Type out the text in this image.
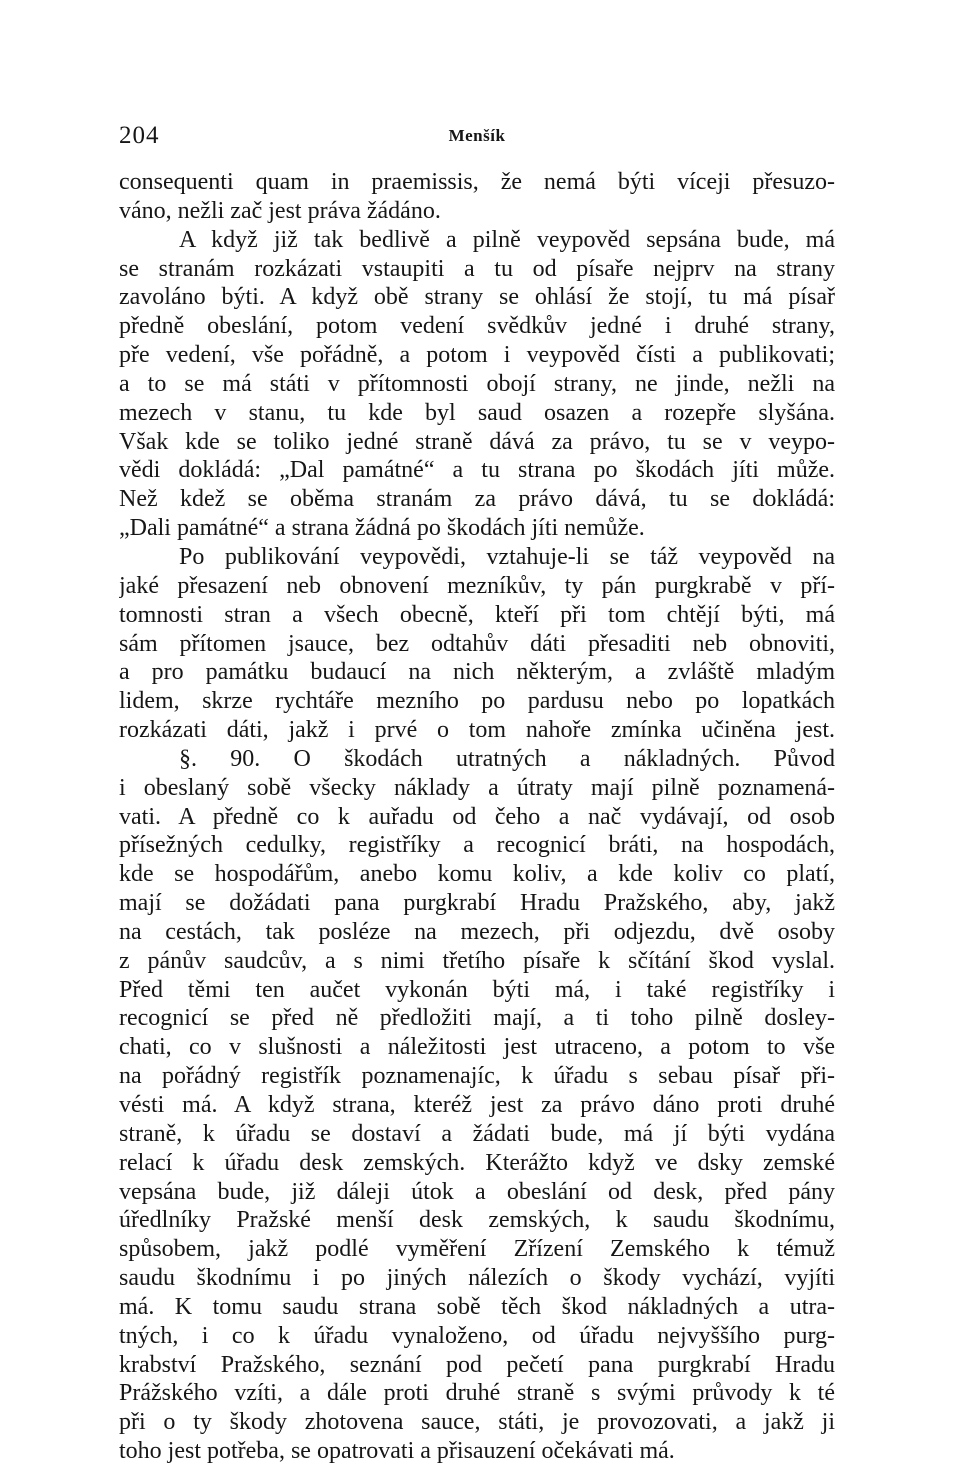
204	Menšík
consequenti quam in praemissis, že nemá býti víceji přesuzo-
váno, nežli zač jest práva žádáno.
A když již tak bedlivě a pilně veypověd sepsána bude, má
se stranám rozkázati vstaupiti a tu od písaře nejprv na strany
zavoláno býti. A když obě strany se ohlásí že stojí, tu má písař
předně obeslání, potom vedení svědkův jedné i druhé strany,
pře vedení, vše pořádně, a potom i veypověd čísti a publikovati;
a to se má státi v přítomnosti obojí strany, ne jinde, nežli na
mezech v stanu, tu kde byl saud osazen a rozepře slyšána.
Však kde se toliko jedné straně dává za právo, tu se v veypo-
vědi dokládá: „Dal památné“ a tu strana po škodách jíti může.
Než kdež se oběma stranám za právo dává, tu se dokládá:
„Dali památné“ a strana žádná po škodách jíti nemůže.
Po publikování veypovědi, vztahuje-li se táž veypověd na
jaké přesazení neb obnovení mezníkův, ty pán purgkrabě v pří-
tomnosti stran a všech obecně, kteří při tom chtějí býti, má
sám přítomen jsauce, bez odtahův dáti přesaditi neb obnoviti,
a pro památku budaucí na nich některým, a zvláště mladým
lidem, skrze rychtáře mezního po pardusu nebo po lopatkách
rozkázati dáti, jakž i prvé o tom nahoře zmínka učiněna jest.
§. 90. O škodách utratných a nákladných. Původ
i obeslaný sobě všecky náklady a útraty mají pilně poznamená-
vati. A předně co k auřadu od čeho a nač vydávají, od osob
přísežných cedulky, registříky a recognicí bráti, na hospodách,
kde se hospodářům, anebo komu koliv, a kde koliv co platí,
mají se dožádati pana purgkrabí Hradu Pražského, aby, jakž
na cestách, tak posléze na mezech, při odjezdu, dvě osoby
z pánův saudcův, a s nimi třetího písaře k sčítání škod vyslal.
Před těmi ten aučet vykonán býti má, i také registříky i
recognicí se před ně předložiti mají, a ti toho pilně dosley-
chati, co v slušnosti a náležitosti jest utraceno, a potom to vše
na pořádný registřík poznamenajíc, k úřadu s sebau písař při-
vésti má. A když strana, kteréž jest za právo dáno proti druhé
straně, k úřadu se dostaví a žádati bude, má jí býti vydána
relací k úřadu desk zemských. Kterážto když ve dsky zemské
vepsána bude, již dáleji útok a obeslání od desk, před pány
úředlníky Pražské menší desk zemských, k saudu škodnímu,
spůsobem, jakž podlé vyměření Zřízení Zemského k témuž
saudu škodnímu i po jiných nálezích o škody vychází, vyjíti
má. K tomu saudu strana sobě těch škod nákladných a utra-
tných, i co k úřadu vynaloženo, od úřadu nejvyššího purg-
krabství Pražského, seznání pod pečetí pana purgkrabí Hradu
Prážského vzíti, a dále proti druhé straně s svými průvody k té
při o ty škody zhotovena sauce, státi, je provozovati, a jakž ji
toho jest potřeba, se opatrovati a přisauzení očekávati má.
